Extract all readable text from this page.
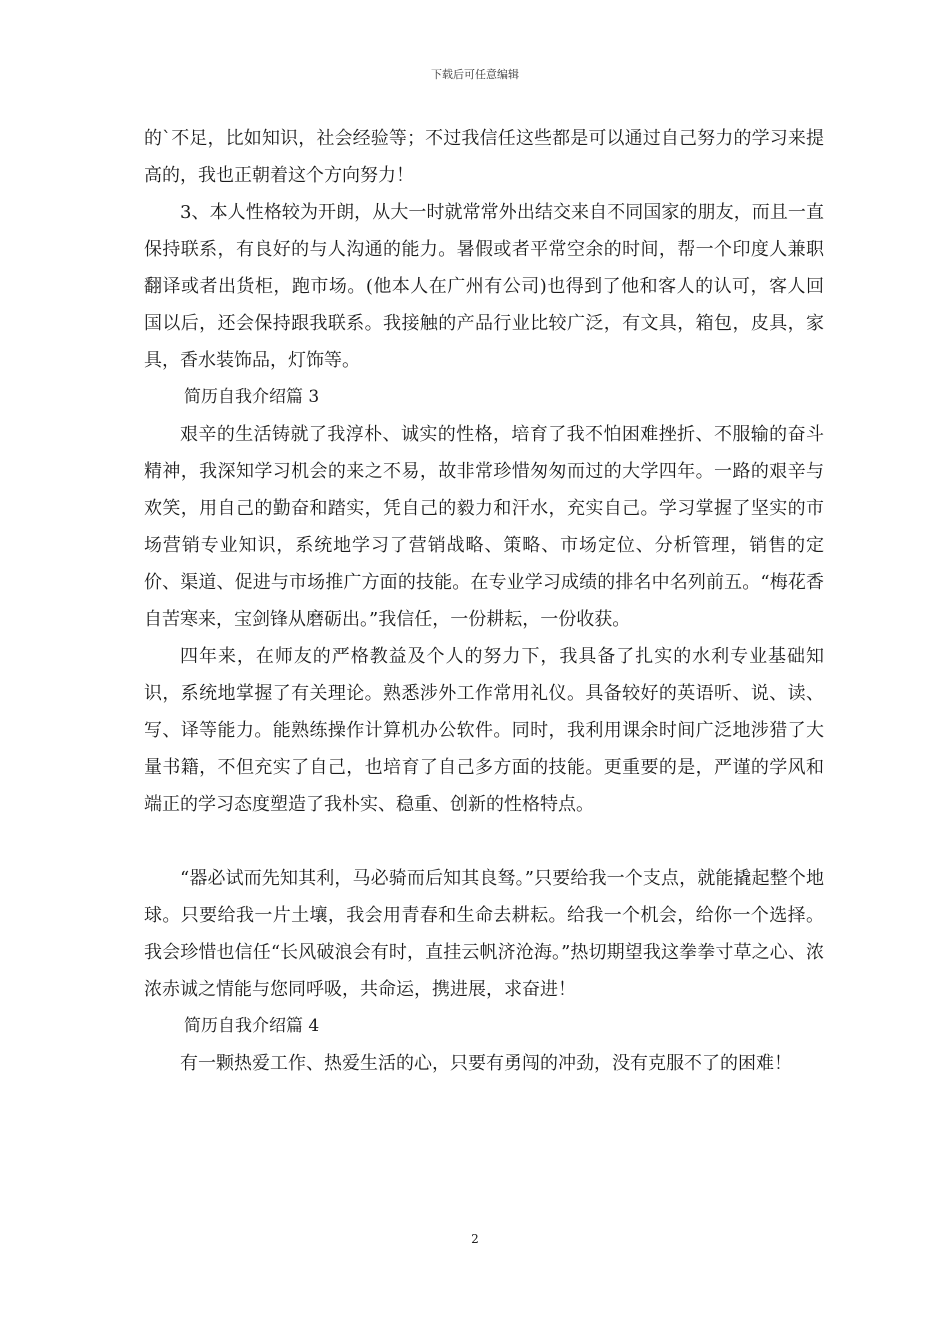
下载后可任意编辑

的`不足，比如知识，社会经验等；不过我信任这些都是可以通过自己努力的学习来提高的，我也正朝着这个方向努力！

3、本人性格较为开朗，从大一时就常常外出结交来自不同国家的朋友，而且一直保持联系，有良好的与人沟通的能力。暑假或者平常空余的时间，帮一个印度人兼职翻译或者出货柜，跑市场。(他本人在广州有公司)也得到了他和客人的认可，客人回国以后，还会保持跟我联系。我接触的产品行业比较广泛，有文具，箱包，皮具，家具，香水装饰品，灯饰等。

简历自我介绍篇 3

艰辛的生活铸就了我淳朴、诚实的性格，培育了我不怕困难挫折、不服输的奋斗精神，我深知学习机会的来之不易，故非常珍惜匆匆而过的大学四年。一路的艰辛与欢笑，用自己的勤奋和踏实，凭自己的毅力和汗水，充实自己。学习掌握了坚实的市场营销专业知识，系统地学习了营销战略、策略、市场定位、分析管理，销售的定价、渠道、促进与市场推广方面的技能。在专业学习成绩的排名中名列前五。“梅花香自苦寒来，宝剑锋从磨砺出。”我信任，一份耕耘，一份收获。

四年来，在师友的严格教益及个人的努力下，我具备了扎实的水利专业基础知识，系统地掌握了有关理论。熟悉涉外工作常用礼仪。具备较好的英语听、说、读、写、译等能力。能熟练操作计算机办公软件。同时，我利用课余时间广泛地涉猎了大量书籍，不但充实了自己，也培育了自己多方面的技能。更重要的是，严谨的学风和端正的学习态度塑造了我朴实、稳重、创新的性格特点。

“器必试而先知其利，马必骑而后知其良驽。”只要给我一个支点，就能撬起整个地球。只要给我一片土壤，我会用青春和生命去耕耘。给我一个机会，给你一个选择。我会珍惜也信任“长风破浪会有时，直挂云帆济沧海。”热切期望我这拳拳寸草之心、浓浓赤诚之情能与您同呼吸，共命运，携进展，求奋进！

简历自我介绍篇 4

有一颗热爱工作、热爱生活的心，只要有勇闯的冲劲，没有克服不了的困难！

2
